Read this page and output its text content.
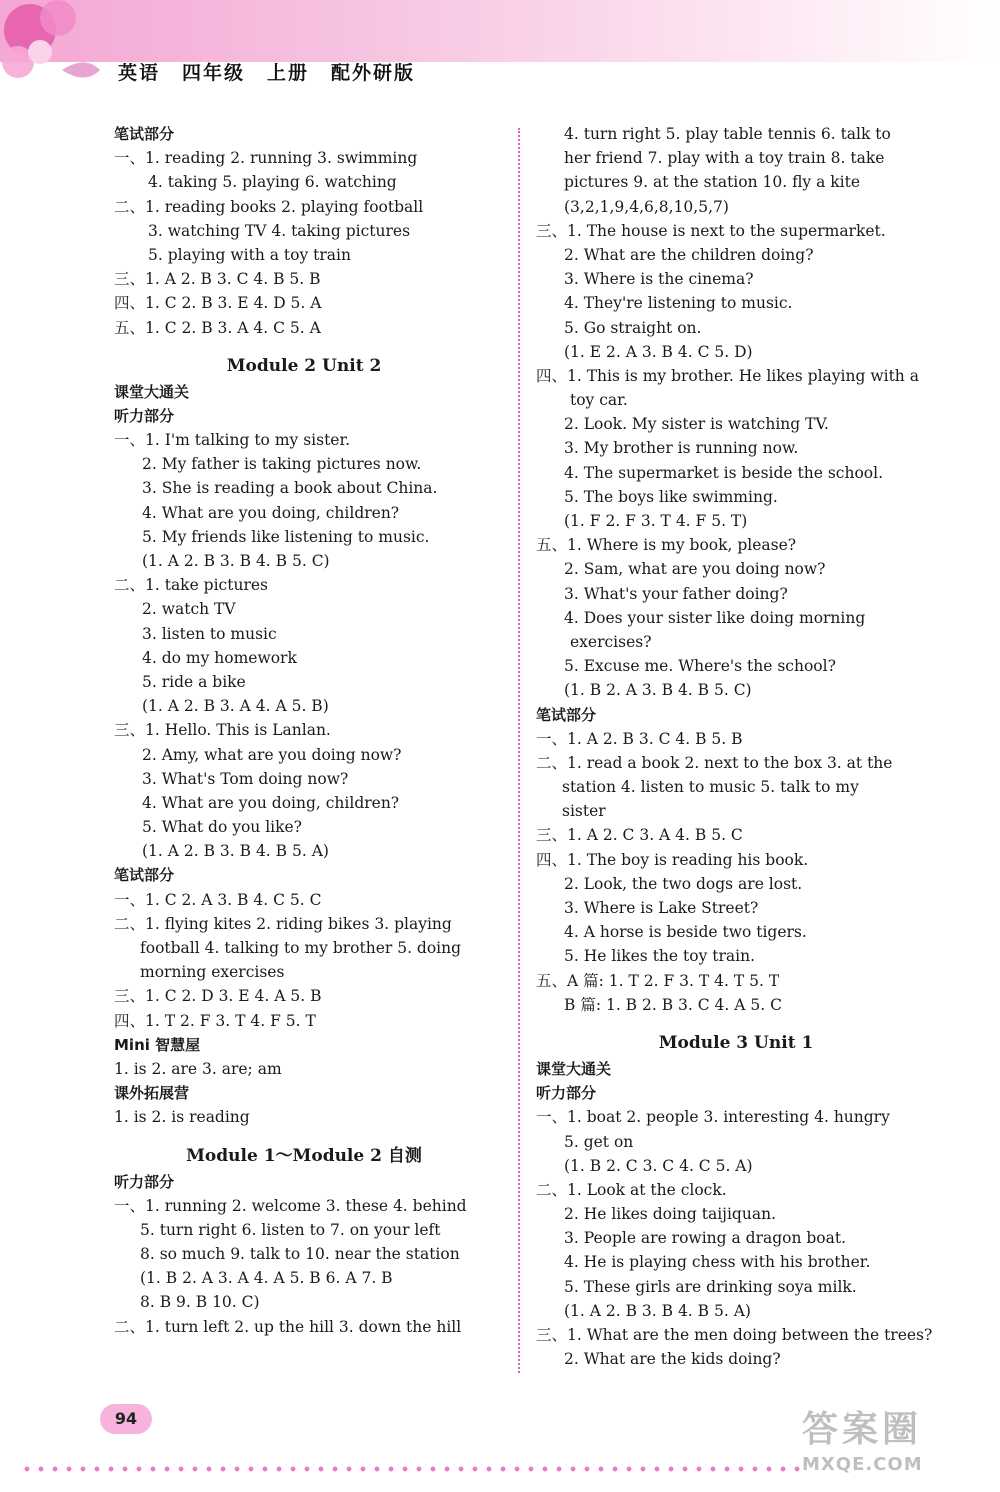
英语 四年级 上册 配外研版
笔试部分
一、1. reading 2. running 3. swimming
4. taking 5. playing 6. watching
二、1. reading books 2. playing football
3. watching TV 4. taking pictures
5. playing with a toy train
三、1. A 2. B 3. C 4. B 5. B
四、1. C 2. B 3. E 4. D 5. A
五、1. C 2. B 3. A 4. C 5. A
Module 2 Unit 2
课堂大通关
听力部分
一、1. I'm talking to my sister.
2. My father is taking pictures now.
3. She is reading a book about China.
4. What are you doing, children?
5. My friends like listening to music.
(1. A 2. B 3. B 4. B 5. C)
二、1. take pictures
2. watch TV
3. listen to music
4. do my homework
5. ride a bike
(1. A 2. B 3. A 4. A 5. B)
三、1. Hello. This is Lanlan.
2. Amy, what are you doing now?
3. What's Tom doing now?
4. What are you doing, children?
5. What do you like?
(1. A 2. B 3. B 4. B 5. A)
笔试部分
一、1. C 2. A 3. B 4. C 5. C
二、1. flying kites 2. riding bikes 3. playing
football 4. talking to my brother 5. doing
morning exercises
三、1. C 2. D 3. E 4. A 5. B
四、1. T 2. F 3. T 4. F 5. T
Mini 智慧屋
1. is 2. are 3. are; am
课外拓展营
1. is 2. is reading
Module 1～Module 2 自测
听力部分
一、1. running 2. welcome 3. these 4. behind
5. turn right 6. listen to 7. on your left
8. so much 9. talk to 10. near the station
(1. B 2. A 3. A 4. A 5. B 6. A 7. B
8. B 9. B 10. C)
二、1. turn left 2. up the hill 3. down the hill
4. turn right 5. play table tennis 6. talk to
her friend 7. play with a toy train 8. take
pictures 9. at the station 10. fly a kite
(3,2,1,9,4,6,8,10,5,7)
三、1. The house is next to the supermarket.
2. What are the children doing?
3. Where is the cinema?
4. They're listening to music.
5. Go straight on.
(1. E 2. A 3. B 4. C 5. D)
四、1. This is my brother. He likes playing with a
toy car.
2. Look. My sister is watching TV.
3. My brother is running now.
4. The supermarket is beside the school.
5. The boys like swimming.
(1. F 2. F 3. T 4. F 5. T)
五、1. Where is my book, please?
2. Sam, what are you doing now?
3. What's your father doing?
4. Does your sister like doing morning
exercises?
5. Excuse me. Where's the school?
(1. B 2. A 3. B 4. B 5. C)
笔试部分
一、1. A 2. B 3. C 4. B 5. B
二、1. read a book 2. next to the box 3. at the
station 4. listen to music 5. talk to my
sister
三、1. A 2. C 3. A 4. B 5. C
四、1. The boy is reading his book.
2. Look, the two dogs are lost.
3. Where is Lake Street?
4. A horse is beside two tigers.
5. He likes the toy train.
五、A 篇: 1. T 2. F 3. T 4. T 5. T
B 篇: 1. B 2. B 3. C 4. A 5. C
Module 3 Unit 1
课堂大通关
听力部分
一、1. boat 2. people 3. interesting 4. hungry
5. get on
(1. B 2. C 3. C 4. C 5. A)
二、1. Look at the clock.
2. He likes doing taijiquan.
3. People are rowing a dragon boat.
4. He is playing chess with his brother.
5. These girls are drinking soya milk.
(1. A 2. B 3. B 4. B 5. A)
三、1. What are the men doing between the trees?
2. What are the kids doing?
94	答案圈
MXQE.COM
